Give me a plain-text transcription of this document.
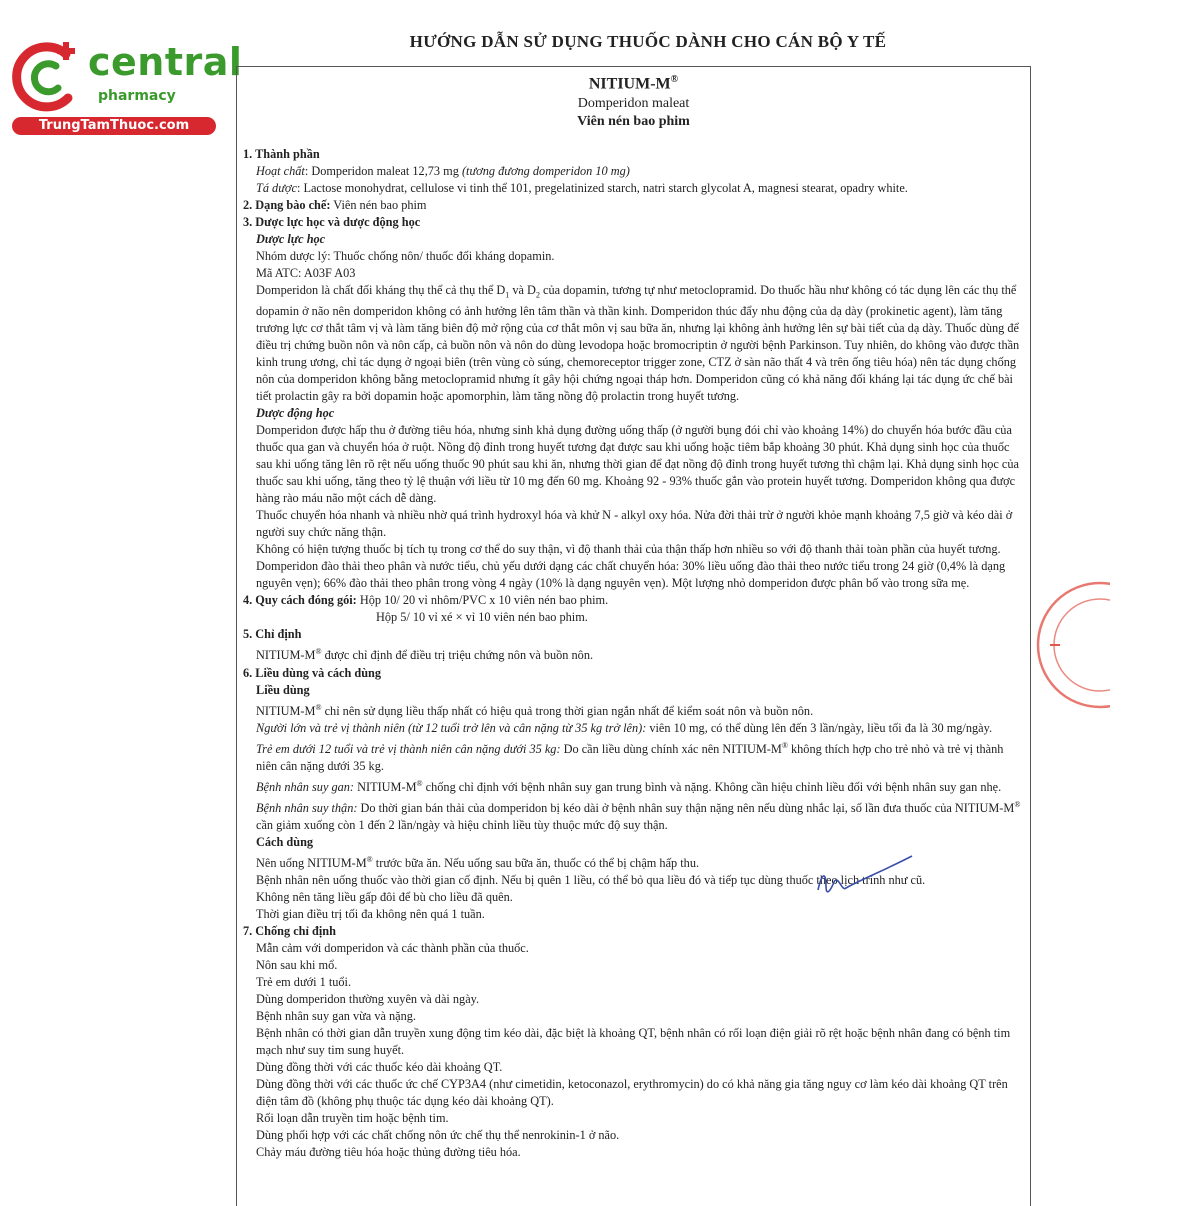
central
pharmacy
TrungTamThuoc.com
HƯỚNG DẪN SỬ DỤNG THUỐC DÀNH CHO CÁN BỘ Y TẾ
NITIUM-M®
Domperidon maleat
Viên nén bao phim
1. Thành phần
Hoạt chất: Domperidon maleat 12,73 mg (tương đương domperidon 10 mg)
Tá dược: Lactose monohydrat, cellulose vi tinh thể 101, pregelatinized starch, natri starch glycolat A, magnesi stearat, opadry white.
2. Dạng bào chế: Viên nén bao phim
3. Dược lực học và dược động học
Dược lực học
Nhóm dược lý: Thuốc chống nôn/ thuốc đối kháng dopamin.
Mã ATC: A03F A03
Domperidon là chất đối kháng thụ thể cả thụ thể $D_1$ và $D_2$ của dopamin, tương tự như metoclopramid. Do thuốc hầu như không có tác dụng lên các thụ thể dopamin ở não nên domperidon không có ảnh hưởng lên tâm thần và thần kinh. Domperidon thúc đẩy nhu động của dạ dày (prokinetic agent), làm tăng trương lực cơ thắt tâm vị và làm tăng biên độ mở rộng của cơ thắt môn vị sau bữa ăn, nhưng lại không ảnh hưởng lên sự bài tiết của dạ dày. Thuốc dùng để điều trị chứng buồn nôn và nôn cấp, cả buồn nôn và nôn do dùng levodopa hoặc bromocriptin ở người bệnh Parkinson. Tuy nhiên, do không vào được thần kinh trung ương, chỉ tác dụng ở ngoại biên (trên vùng cò súng, chemoreceptor trigger zone, CTZ ở sàn não thất 4 và trên ống tiêu hóa) nên tác dụng chống nôn của domperidon không bằng metoclopramid nhưng ít gây hội chứng ngoại tháp hơn. Domperidon cũng có khả năng đối kháng lại tác dụng ức chế bài tiết prolactin gây ra bởi dopamin hoặc apomorphin, làm tăng nồng độ prolactin trong huyết tương.
Dược động học
Domperidon được hấp thu ở đường tiêu hóa, nhưng sinh khả dụng đường uống thấp (ở người bụng đói chỉ vào khoảng 14%) do chuyển hóa bước đầu của thuốc qua gan và chuyển hóa ở ruột. Nồng độ đỉnh trong huyết tương đạt được sau khi uống hoặc tiêm bắp khoảng 30 phút. Khả dụng sinh học của thuốc sau khi uống tăng lên rõ rệt nếu uống thuốc 90 phút sau khi ăn, nhưng thời gian để đạt nồng độ đỉnh trong huyết tương thì chậm lại. Khả dụng sinh học của thuốc sau khi uống, tăng theo tỷ lệ thuận với liều từ 10 mg đến 60 mg. Khoảng 92 - 93% thuốc gắn vào protein huyết tương. Domperidon không qua được hàng rào máu não một cách dễ dàng.
Thuốc chuyển hóa nhanh và nhiều nhờ quá trình hydroxyl hóa và khử N - alkyl oxy hóa. Nửa đời thải trừ ở người khỏe mạnh khoảng 7,5 giờ và kéo dài ở người suy chức năng thận.
Không có hiện tượng thuốc bị tích tụ trong cơ thể do suy thận, vì độ thanh thải của thận thấp hơn nhiều so với độ thanh thải toàn phần của huyết tương. Domperidon đào thải theo phân và nước tiểu, chủ yếu dưới dạng các chất chuyển hóa: 30% liều uống đào thải theo nước tiểu trong 24 giờ (0,4% là dạng nguyên vẹn); 66% đào thải theo phân trong vòng 4 ngày (10% là dạng nguyên vẹn). Một lượng nhỏ domperidon được phân bố vào trong sữa mẹ.
4. Quy cách đóng gói: Hộp 10/ 20 vỉ nhôm/PVC x 10 viên nén bao phim.
Hộp 5/ 10 vỉ xé × vỉ 10 viên nén bao phim.
5. Chỉ định
NITIUM-M® được chỉ định để điều trị triệu chứng nôn và buồn nôn.
6. Liều dùng và cách dùng
Liều dùng
NITIUM-M® chỉ nên sử dụng liều thấp nhất có hiệu quả trong thời gian ngắn nhất để kiểm soát nôn và buồn nôn.
Người lớn và trẻ vị thành niên (từ 12 tuổi trở lên và cân nặng từ 35 kg trở lên): viên 10 mg, có thể dùng lên đến 3 lần/ngày, liều tối đa là 30 mg/ngày.
Trẻ em dưới 12 tuổi và trẻ vị thành niên cân nặng dưới 35 kg: Do cần liều dùng chính xác nên NITIUM-M® không thích hợp cho trẻ nhỏ và trẻ vị thành niên cân nặng dưới 35 kg.
Bệnh nhân suy gan: NITIUM-M® chống chỉ định với bệnh nhân suy gan trung bình và nặng. Không cần hiệu chỉnh liều đối với bệnh nhân suy gan nhẹ.
Bệnh nhân suy thận: Do thời gian bán thải của domperidon bị kéo dài ở bệnh nhân suy thận nặng nên nếu dùng nhắc lại, số lần đưa thuốc của NITIUM-M® cần giảm xuống còn 1 đến 2 lần/ngày và hiệu chỉnh liều tùy thuộc mức độ suy thận.
Cách dùng
Nên uống NITIUM-M® trước bữa ăn. Nếu uống sau bữa ăn, thuốc có thể bị chậm hấp thu.
Bệnh nhân nên uống thuốc vào thời gian cố định. Nếu bị quên 1 liều, có thể bỏ qua liều đó và tiếp tục dùng thuốc theo lịch trình như cũ.
Không nên tăng liều gấp đôi để bù cho liều đã quên.
Thời gian điều trị tối đa không nên quá 1 tuần.
7. Chống chỉ định
Mẫn cảm với domperidon và các thành phần của thuốc.
Nôn sau khi mổ.
Trẻ em dưới 1 tuổi.
Dùng domperidon thường xuyên và dài ngày.
Bệnh nhân suy gan vừa và nặng.
Bệnh nhân có thời gian dẫn truyền xung động tim kéo dài, đặc biệt là khoảng QT, bệnh nhân có rối loạn điện giải rõ rệt hoặc bệnh nhân đang có bệnh tim mạch như suy tim sung huyết.
Dùng đồng thời với các thuốc kéo dài khoảng QT.
Dùng đồng thời với các thuốc ức chế CYP3A4 (như cimetidin, ketoconazol, erythromycin) do có khả năng gia tăng nguy cơ làm kéo dài khoảng QT trên điện tâm đồ (không phụ thuộc tác dụng kéo dài khoảng QT).
Rối loạn dẫn truyền tim hoặc bệnh tim.
Dùng phối hợp với các chất chống nôn ức chế thụ thể nenrokinin-1 ở não.
Chảy máu đường tiêu hóa hoặc thủng đường tiêu hóa.
